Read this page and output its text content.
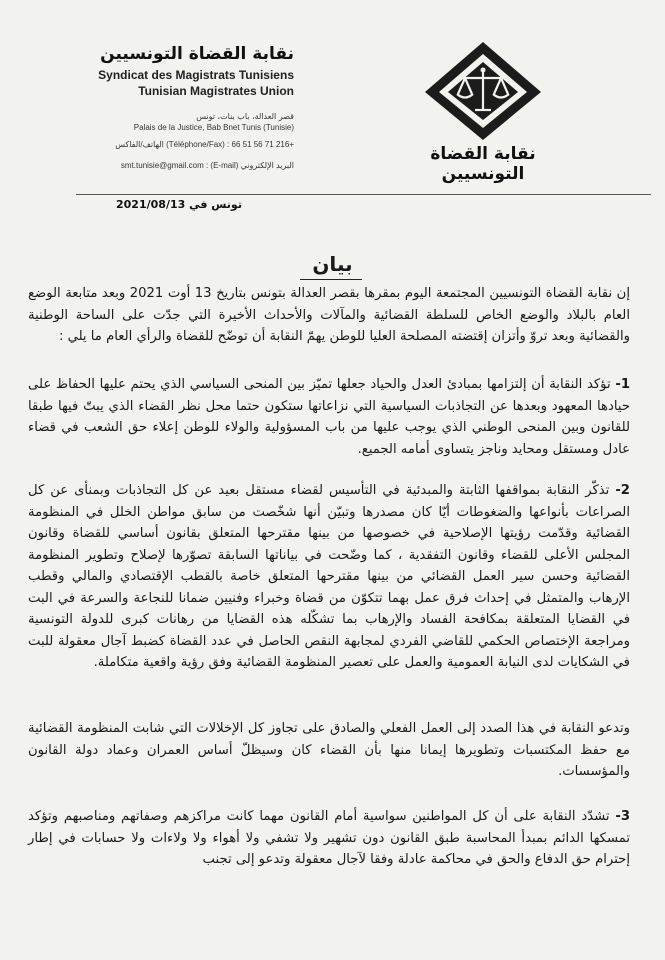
نقابة القضاة التونسيين
Syndicat des Magistrats Tunisiens
Tunisian Magistrates Union
قصر العدالة، باب بنات، تونس
Palais de la Justice, Bab Bnet Tunis (Tunisie)
الهاتف/الفاكس (Téléphone/Fax) : 66 51 56 71 216+
smt.tunisie@gmail.com : (E-mail) البريد الإلكتروني
نقابة القضاة التونسيين
تونس في 2021/08/13
بيان
إن نقابة القضاة التونسيين المجتمعة اليوم بمقرها بقصر العدالة بتونس بتاريخ 13 أوت 2021 وبعد متابعة الوضع العام بالبلاد والوضع الخاص للسلطة القضائية والمآلات والأحداث الأخيرة التي جدّت على الساحة الوطنية والقضائية وبعد تروّ وأتزان إقتضته المصلحة العليا للوطن يهمّ النقابة أن توضّح للقضاة والرأي العام ما يلي :
1- تؤكد النقابة أن إلتزامها بمبادئ العدل والحياد جعلها تميّز بين المنحى السياسي الذي يحتم عليها الحفاظ على حيادها المعهود وبعدها عن التجاذبات السياسية التي نزاعاتها ستكون حتما محل نظر القضاء الذي يبتّ فيها طبقا للقانون وبين المنحى الوطني الذي يوجب عليها من باب المسؤولية والولاء للوطن إعلاء حق الشعب في قضاء عادل ومستقل ومحايد وناجز يتساوى أمامه الجميع.
2- تذكّر النقابة بمواقفها الثابتة والمبدئية في التأسيس لقضاء مستقل بعيد عن كل التجاذبات وبمنأى عن كل الصراعات بأنواعها والضغوطات أيّا كان مصدرها وتبيّن أنها شخّصت من سابق مواطن الخلل في المنظومة القضائية وقدّمت رؤيتها الإصلاحية في خصوصها من بينها مقترحها المتعلق بقانون أساسي للقضاة وقانون المجلس الأعلى للقضاء وقانون التفقدية ، كما وضّحت في بياناتها السابقة تصوّرها لإصلاح وتطوير المنظومة القضائية وحسن سير العمل القضائي من بينها مقترحها المتعلق خاصة بالقطب الإقتصادي والمالي وقطب الإرهاب والمتمثل في إحداث فرق عمل بهما تتكوّن من قضاة وخبراء وفنيين ضمانا للنجاعة والسرعة في البت في القضايا المتعلقة بمكافحة الفساد والإرهاب بما تشكّله هذه القضايا من رهانات كبرى للدولة التونسية ومراجعة الإختصاص الحكمي للقاضي الفردي لمجابهة النقص الحاصل في عدد القضاة كضبط آجال معقولة للبت في الشكايات لدى النيابة العمومية والعمل على تعصير المنظومة القضائية وفق رؤية واقعية متكاملة.
وتدعو النقابة في هذا الصدد إلى العمل الفعلي والصادق على تجاوز كل الإخلالات التي شابت المنظومة القضائية مع حفظ المكتسبات وتطويرها إيمانا منها بأن القضاء كان وسيظلّ أساس العمران وعماد دولة القانون والمؤسسات.
3- تشدّد النقابة على أن كل المواطنين سواسية أمام القانون مهما كانت مراكزهم وصفاتهم ومناصبهم وتؤكد تمسكها الدائم بمبدأ المحاسبة طبق القانون دون تشهير ولا تشفي ولا أهواء ولا ولاءات ولا حسابات في إطار إحترام حق الدفاع والحق في محاكمة عادلة وفقا لآجال معقولة وتدعو إلى تجنب
